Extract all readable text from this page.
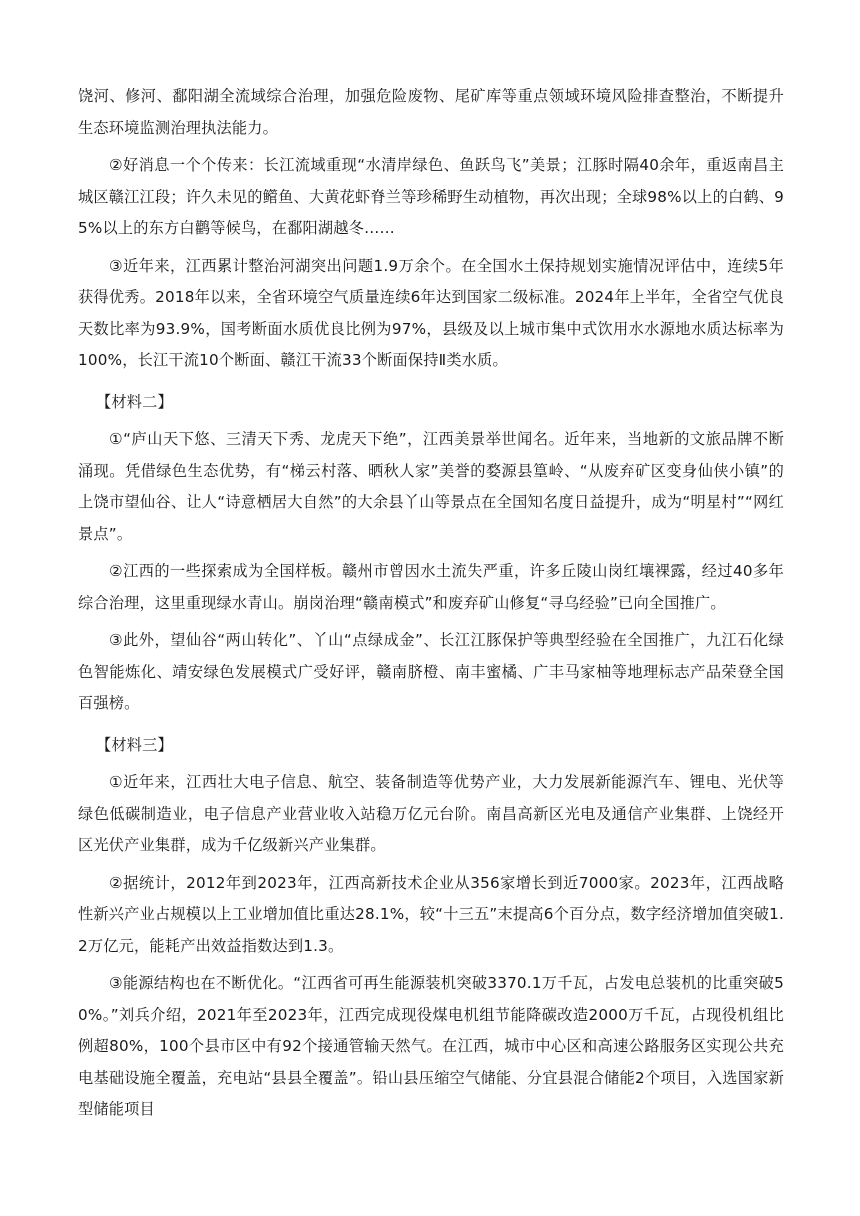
饶河、修河、鄱阳湖全流域综合治理，加强危险废物、尾矿库等重点领域环境风险排查整治，不断提升生态环境监测治理执法能力。

②好消息一个个传来：长江流域重现“水清岸绿色、鱼跃鸟飞”美景；江豚时隔40余年，重返南昌主城区赣江江段；许久未见的鳤鱼、大黄花虾脊兰等珍稀野生动植物，再次出现；全球98%以上的白鹤、95%以上的东方白鹳等候鸟，在鄱阳湖越冬……

③近年来，江西累计整治河湖突出问题1.9万余个。在全国水土保持规划实施情况评估中，连续5年获得优秀。2018年以来，全省环境空气质量连续6年达到国家二级标准。2024年上半年，全省空气优良天数比率为93.9%，国考断面水质优良比例为97%，县级及以上城市集中式饮用水水源地水质达标率为100%，长江干流10个断面、赣江干流33个断面保持Ⅱ类水质。

【材料二】

①“庐山天下悠、三清天下秀、龙虎天下绝”，江西美景举世闻名。近年来，当地新的文旅品牌不断涌现。凭借绿色生态优势，有“梯云村落、晒秋人家”美誉的婺源县篁岭、“从废弃矿区变身仙侠小镇”的上饶市望仙谷、让人“诗意栖居大自然”的大余县丫山等景点在全国知名度日益提升，成为“明星村”“网红景点”。

②江西的一些探索成为全国样板。赣州市曾因水土流失严重，许多丘陵山岗红壤裸露，经过40多年综合治理，这里重现绿水青山。崩岗治理“赣南模式”和废弃矿山修复“寻乌经验”已向全国推广。

③此外，望仙谷“两山转化”、丫山“点绿成金”、长江江豚保护等典型经验在全国推广，九江石化绿色智能炼化、靖安绿色发展模式广受好评，赣南脐橙、南丰蜜橘、广丰马家柚等地理标志产品荣登全国百强榜。

【材料三】

①近年来，江西壮大电子信息、航空、装备制造等优势产业，大力发展新能源汽车、锂电、光伏等绿色低碳制造业，电子信息产业营业收入站稳万亿元台阶。南昌高新区光电及通信产业集群、上饶经开区光伏产业集群，成为千亿级新兴产业集群。

②据统计，2012年到2023年，江西高新技术企业从356家增长到近7000家。2023年，江西战略性新兴产业占规模以上工业增加值比重达28.1%，较“十三五”末提高6个百分点，数字经济增加值突破1.2万亿元，能耗产出效益指数达到1.3。

③能源结构也在不断优化。“江西省可再生能源装机突破3370.1万千瓦，占发电总装机的比重突破50%。”刘兵介绍，2021年至2023年，江西完成现役煤电机组节能降碳改造2000万千瓦，占现役机组比例超80%，100个县市区中有92个接通管输天然气。在江西，城市中心区和高速公路服务区实现公共充电基础设施全覆盖，充电站“县县全覆盖”。铅山县压缩空气储能、分宜县混合储能2个项目，入选国家新型储能项目
